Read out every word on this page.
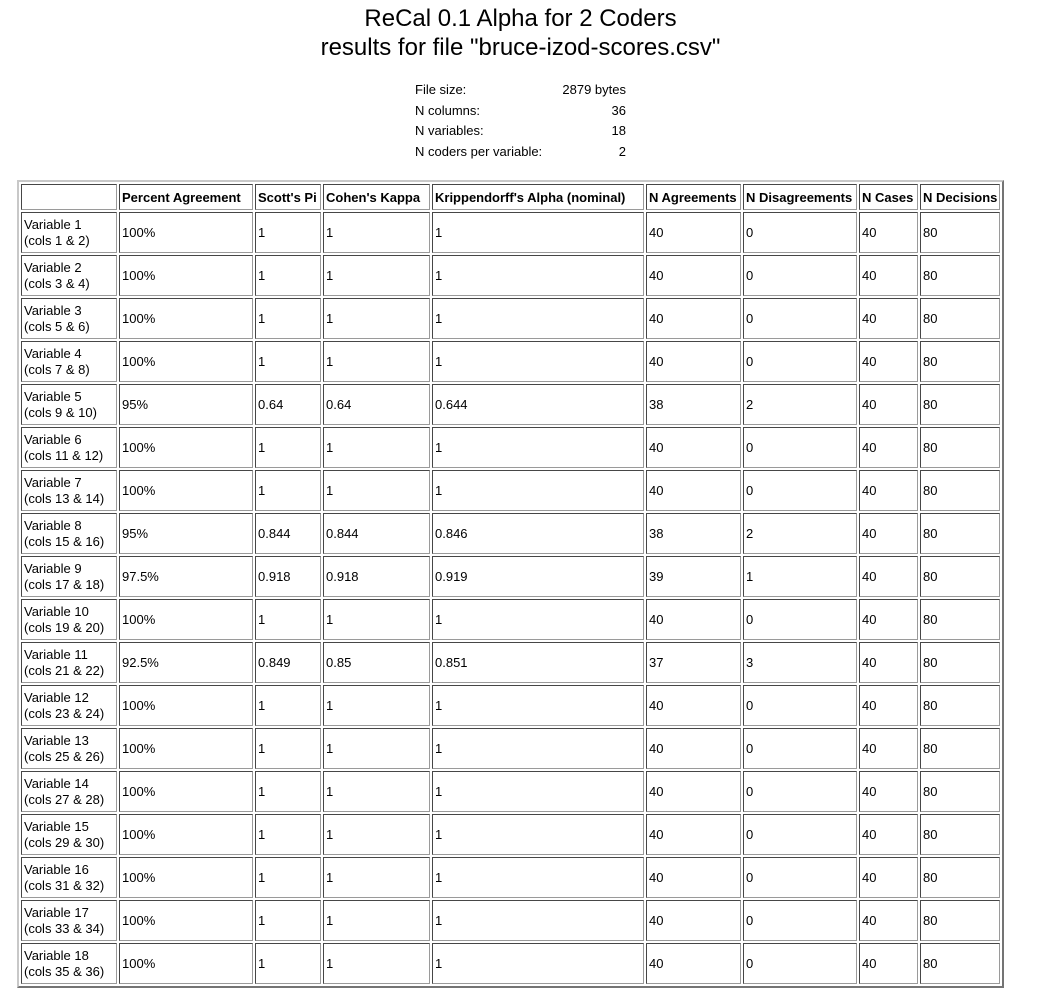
ReCal 0.1 Alpha for 2 Coders
results for file "bruce-izod-scores.csv"
File size:	2879 bytes
N columns:	36
N variables:	18
N coders per variable:	2
	Percent Agreement	Scott's Pi	Cohen's Kappa	Krippendorff's Alpha (nominal)	N Agreements	N Disagreements	N Cases	N Decisions
Variable 1
(cols 1 & 2)	100%	1	1	1	40	0	40	80
Variable 2
(cols 3 & 4)	100%	1	1	1	40	0	40	80
Variable 3
(cols 5 & 6)	100%	1	1	1	40	0	40	80
Variable 4
(cols 7 & 8)	100%	1	1	1	40	0	40	80
Variable 5
(cols 9 & 10)	95%	0.64	0.64	0.644	38	2	40	80
Variable 6
(cols 11 & 12)	100%	1	1	1	40	0	40	80
Variable 7
(cols 13 & 14)	100%	1	1	1	40	0	40	80
Variable 8
(cols 15 & 16)	95%	0.844	0.844	0.846	38	2	40	80
Variable 9
(cols 17 & 18)	97.5%	0.918	0.918	0.919	39	1	40	80
Variable 10
(cols 19 & 20)	100%	1	1	1	40	0	40	80
Variable 11
(cols 21 & 22)	92.5%	0.849	0.85	0.851	37	3	40	80
Variable 12
(cols 23 & 24)	100%	1	1	1	40	0	40	80
Variable 13
(cols 25 & 26)	100%	1	1	1	40	0	40	80
Variable 14
(cols 27 & 28)	100%	1	1	1	40	0	40	80
Variable 15
(cols 29 & 30)	100%	1	1	1	40	0	40	80
Variable 16
(cols 31 & 32)	100%	1	1	1	40	0	40	80
Variable 17
(cols 33 & 34)	100%	1	1	1	40	0	40	80
Variable 18
(cols 35 & 36)	100%	1	1	1	40	0	40	80
